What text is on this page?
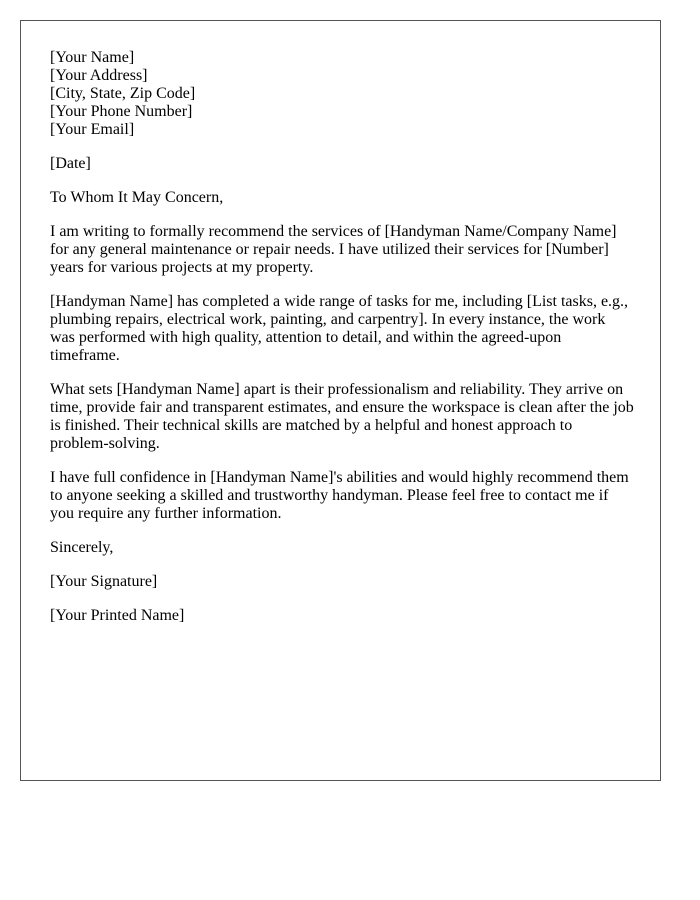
[Your Name]
[Your Address]
[City, State, Zip Code]
[Your Phone Number]
[Your Email]
[Date]
To Whom It May Concern,
I am writing to formally recommend the services of [Handyman Name/Company Name]
for any general maintenance or repair needs. I have utilized their services for [Number]
years for various projects at my property.
[Handyman Name] has completed a wide range of tasks for me, including [List tasks, e.g.,
plumbing repairs, electrical work, painting, and carpentry]. In every instance, the work
was performed with high quality, attention to detail, and within the agreed-upon
timeframe.
What sets [Handyman Name] apart is their professionalism and reliability. They arrive on
time, provide fair and transparent estimates, and ensure the workspace is clean after the job
is finished. Their technical skills are matched by a helpful and honest approach to
problem-solving.
I have full confidence in [Handyman Name]'s abilities and would highly recommend them
to anyone seeking a skilled and trustworthy handyman. Please feel free to contact me if
you require any further information.
Sincerely,
[Your Signature]
[Your Printed Name]
